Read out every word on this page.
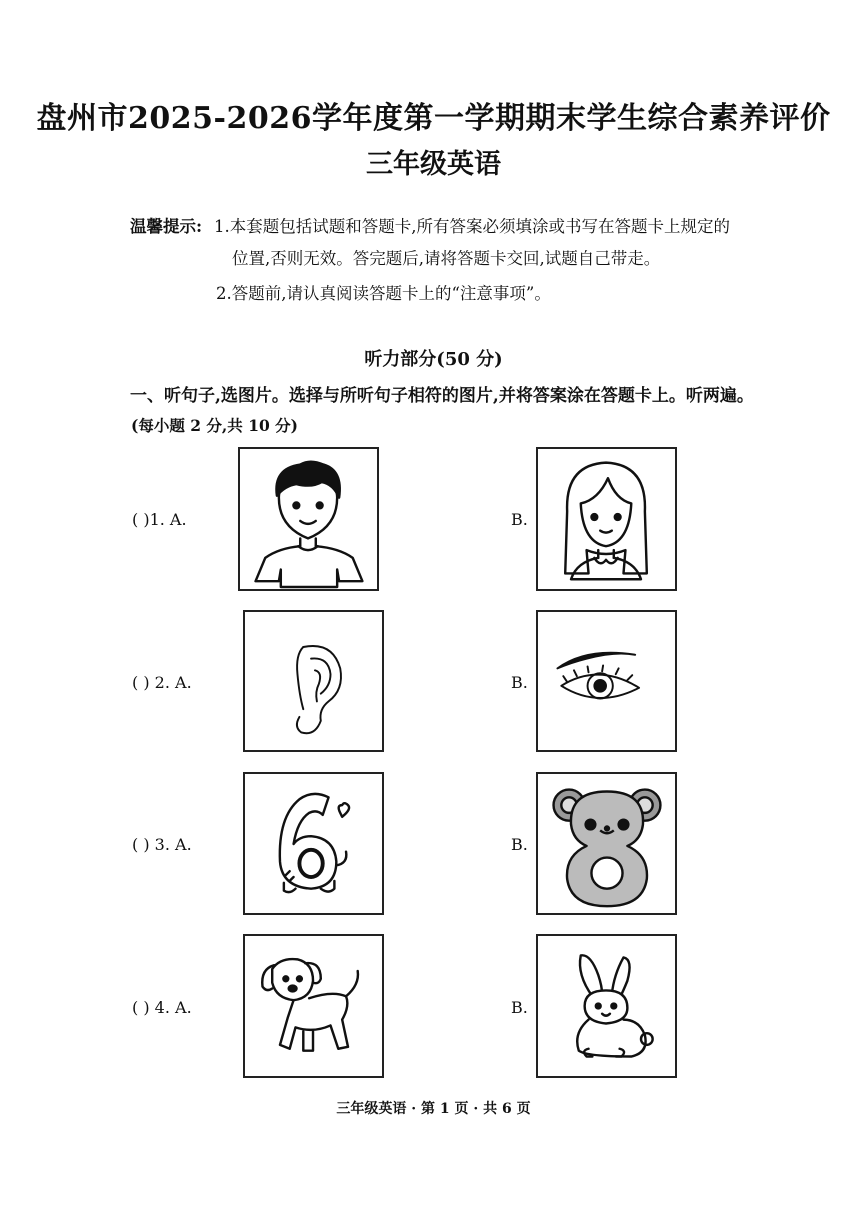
盘州市2025-2026学年度第一学期期末学生综合素养评价
三年级英语
温馨提示: 1.本套题包括试题和答题卡,所有答案必须填涂或书写在答题卡上规定的
位置,否则无效。答完题后,请将答题卡交回,试题自己带走。
2.答题前,请认真阅读答题卡上的“注意事项”。
听力部分(50 分)
一、听句子,选图片。选择与所听句子相符的图片,并将答案涂在答题卡上。听两遍。
(每小题 2 分,共 10 分)
( )1. A.	B.
( ) 2. A.	B.
( ) 3. A.	B.
( ) 4. A.	B.
三年级英语 · 第 1 页 · 共 6 页
